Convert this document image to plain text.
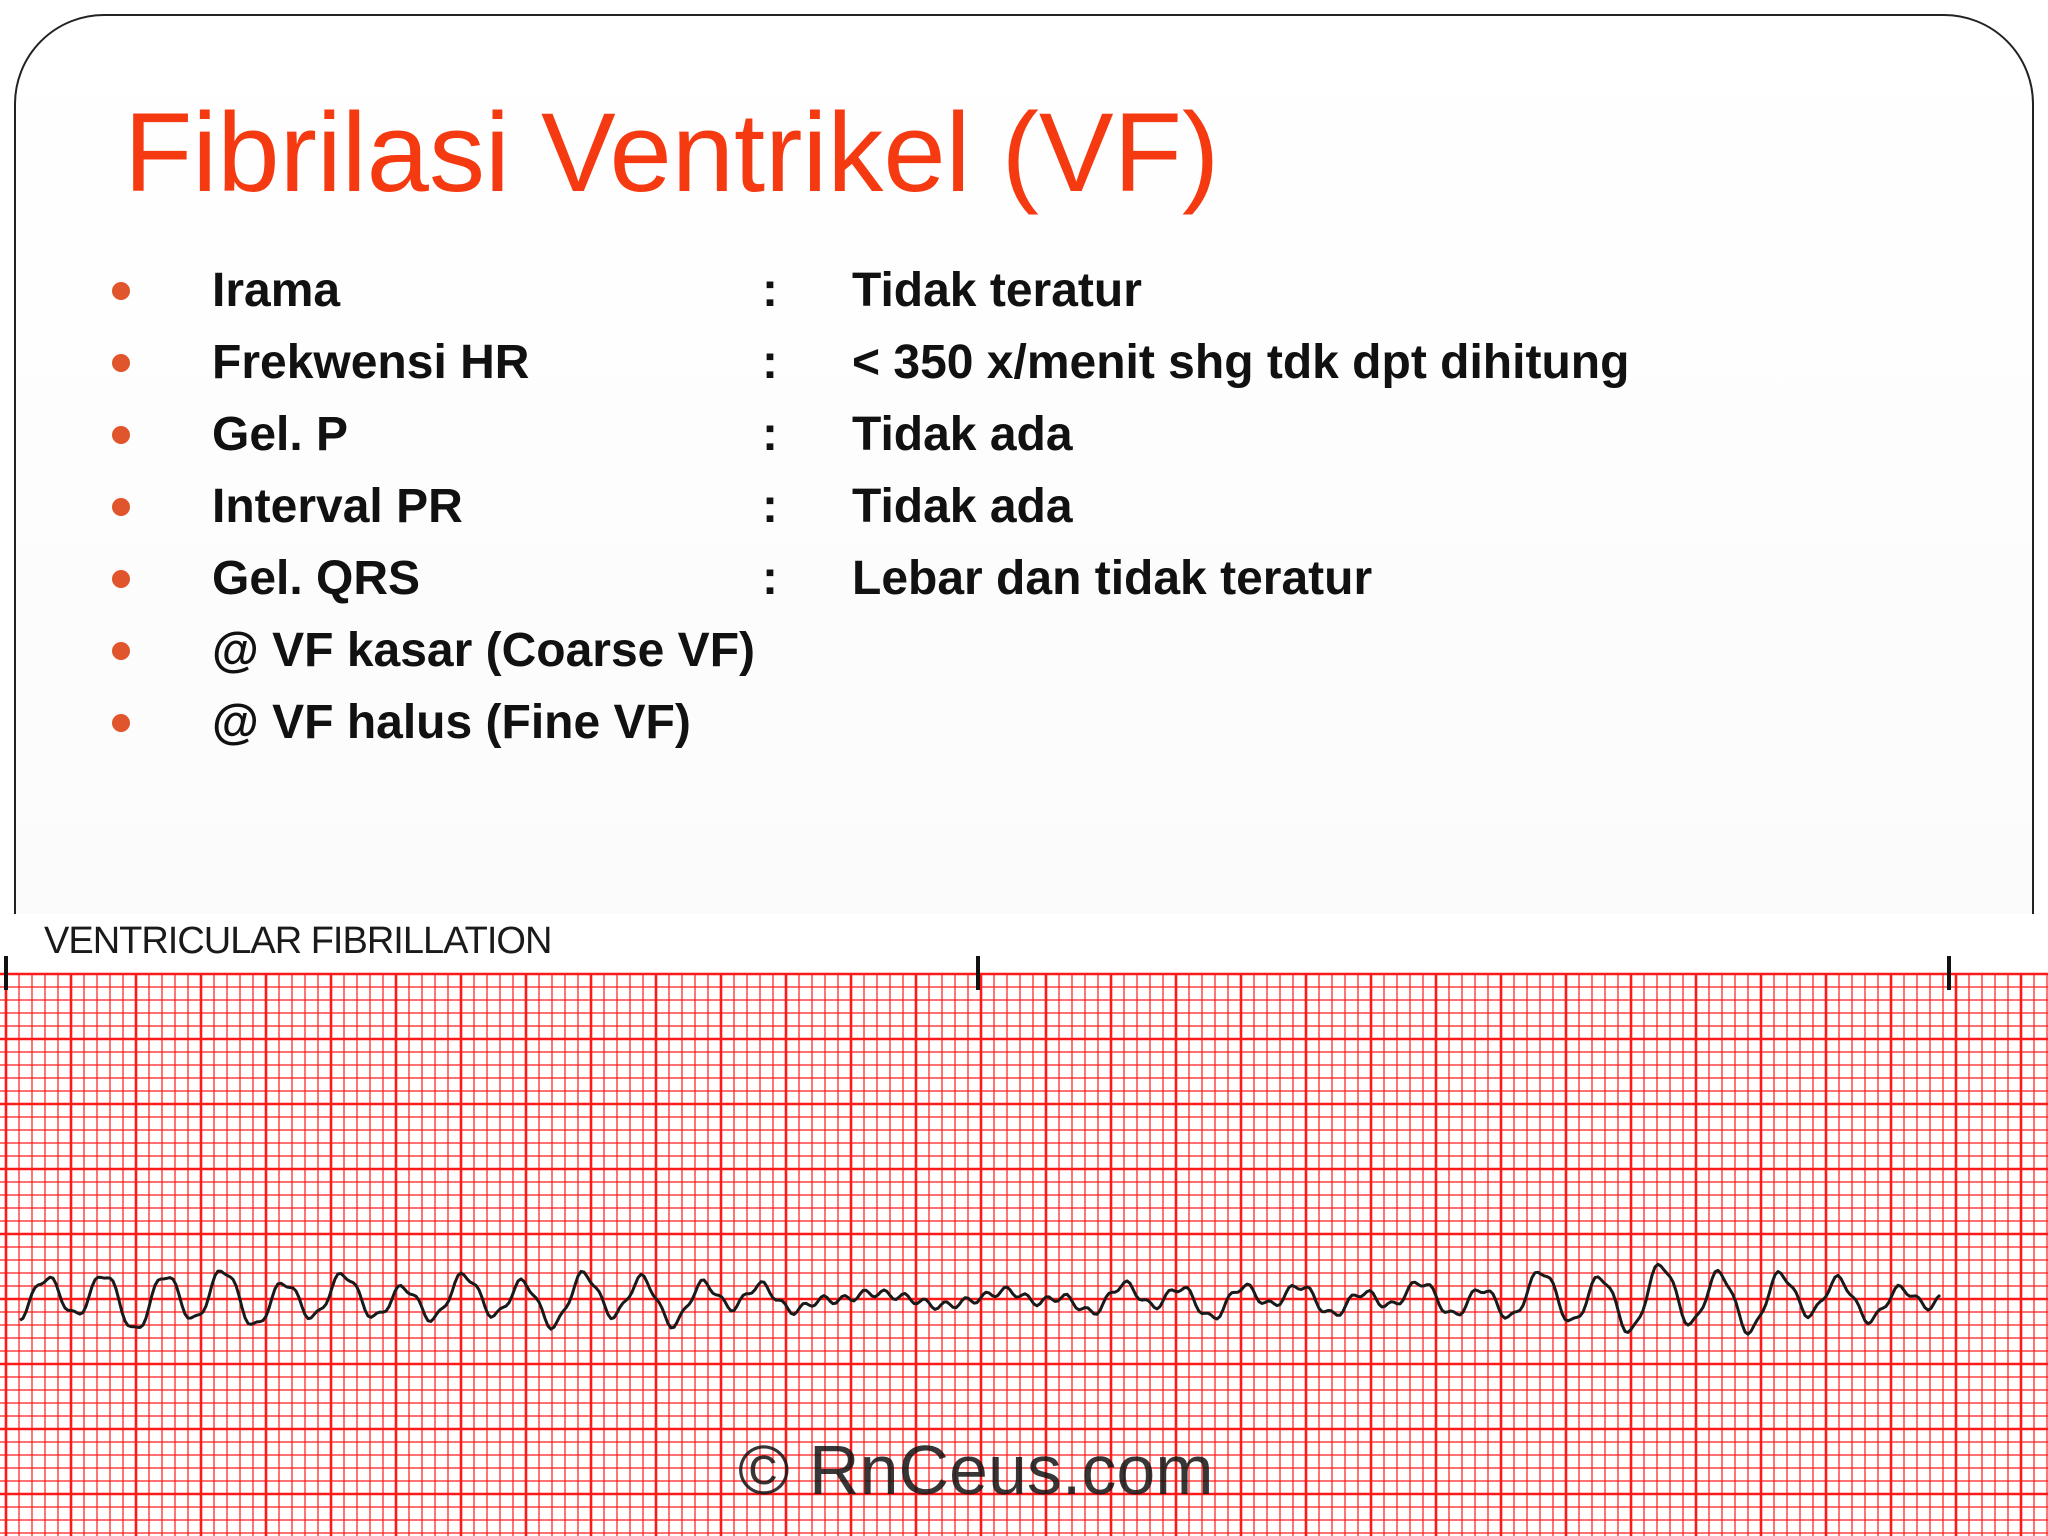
Fibrilasi Ventrikel (VF)
Irama	: Tidak teratur
Frekwensi HR	: < 350 x/menit shg tdk dpt dihitung
Gel. P	: Tidak ada
Interval PR	: Tidak ada
Gel. QRS	: Lebar dan tidak teratur
@ VF kasar (Coarse VF)
@ VF halus (Fine VF)
VENTRICULAR FIBRILLATION
© RnCeus.com
